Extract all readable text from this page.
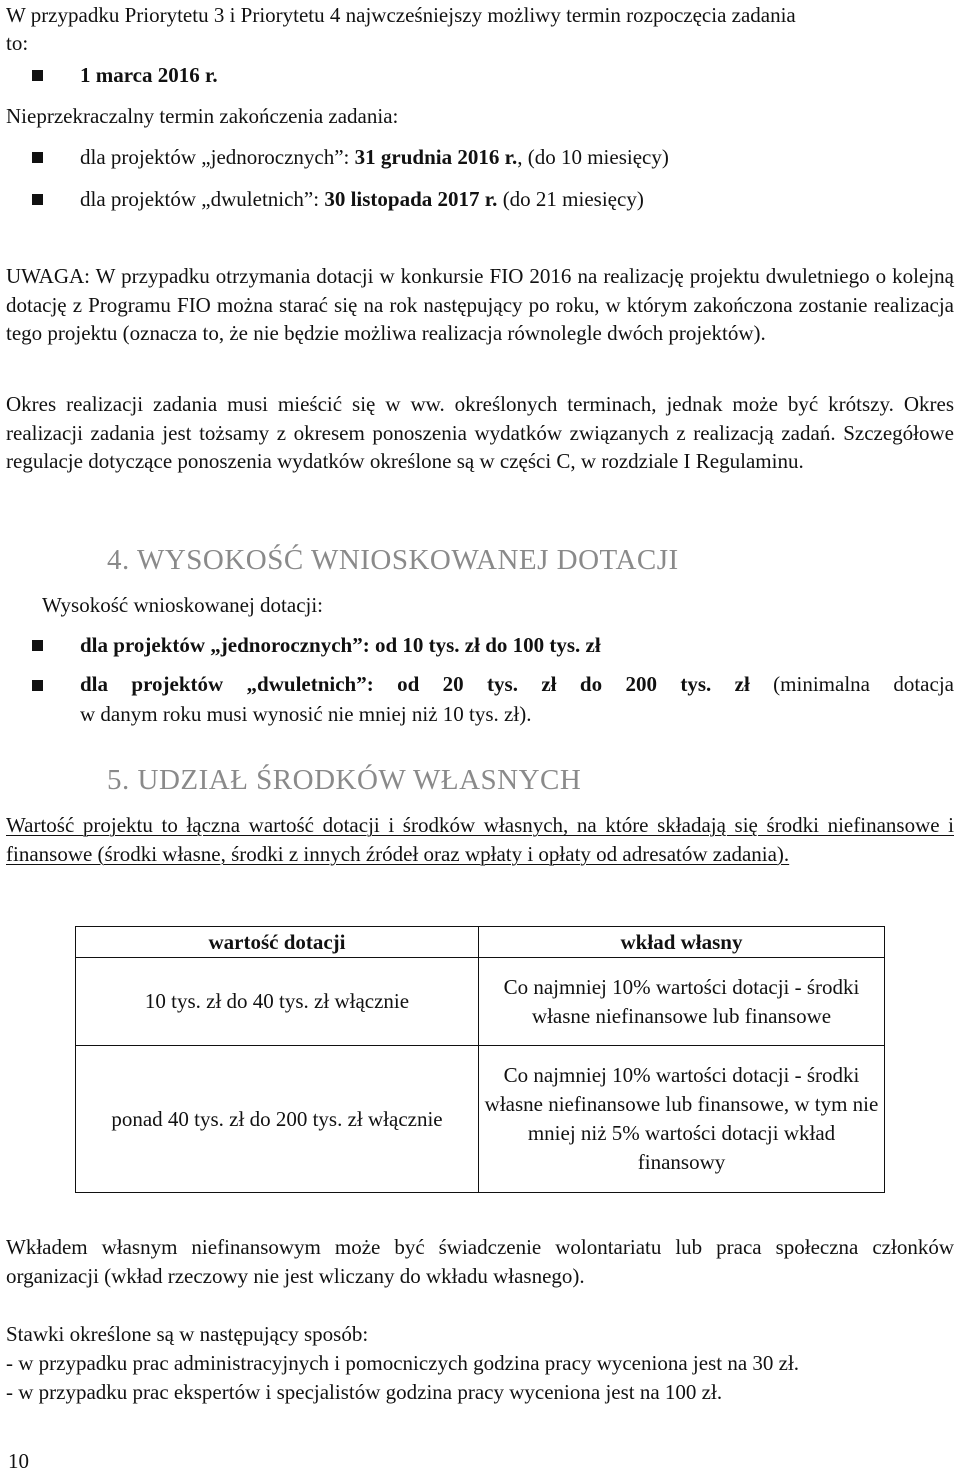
W przypadku Priorytetu 3 i Priorytetu 4 najwcześniejszy możliwy termin rozpoczęcia zadania
to:
1 marca 2016 r.
Nieprzekraczalny termin zakończenia zadania:
dla projektów „jednorocznych”: 31 grudnia 2016 r., (do 10 miesięcy)
dla projektów „dwuletnich”: 30 listopada 2017 r. (do 21 miesięcy)
UWAGA: W przypadku otrzymania dotacji w konkursie FIO 2016 na realizację projektu dwuletniego o kolejną dotację z Programu FIO można starać się na rok następujący po roku, w którym zakończona zostanie realizacja tego projektu (oznacza to, że nie będzie możliwa realizacja równolegle dwóch projektów).
Okres realizacji zadania musi mieścić się w ww. określonych terminach, jednak może być krótszy. Okres realizacji zadania jest tożsamy z okresem ponoszenia wydatków związanych z realizacją zadań. Szczegółowe regulacje dotyczące ponoszenia wydatków określone są w części C, w rozdziale I Regulaminu.
4. WYSOKOŚĆ WNIOSKOWANEJ DOTACJI
Wysokość wnioskowanej dotacji:
dla projektów „jednorocznych”: od 10 tys. zł do 100 tys. zł
dla projektów „dwuletnich”: od 20 tys. zł do 200 tys. zł (minimalna dotacja
w danym roku musi wynosić nie mniej niż 10 tys. zł).
5. UDZIAŁ ŚRODKÓW WŁASNYCH
Wartość projektu to łączna wartość dotacji i środków własnych, na które składają się środki niefinansowe i finansowe (środki własne, środki z innych źródeł oraz wpłaty i opłaty od adresatów zadania).
wartość dotacji	wkład własny
10 tys. zł do 40 tys. zł włącznie	Co najmniej 10% wartości dotacji - środki własne niefinansowe lub finansowe
ponad 40 tys. zł do 200 tys. zł włącznie	Co najmniej 10% wartości dotacji - środki własne niefinansowe lub finansowe, w tym nie mniej niż 5% wartości dotacji wkład finansowy
Wkładem własnym niefinansowym może być świadczenie wolontariatu lub praca społeczna członków organizacji (wkład rzeczowy nie jest wliczany do wkładu własnego).
Stawki określone są w następujący sposób:
- w przypadku prac administracyjnych i pomocniczych godzina pracy wyceniona jest na 30 zł.
- w przypadku prac ekspertów i specjalistów godzina pracy wyceniona jest na 100 zł.
10
